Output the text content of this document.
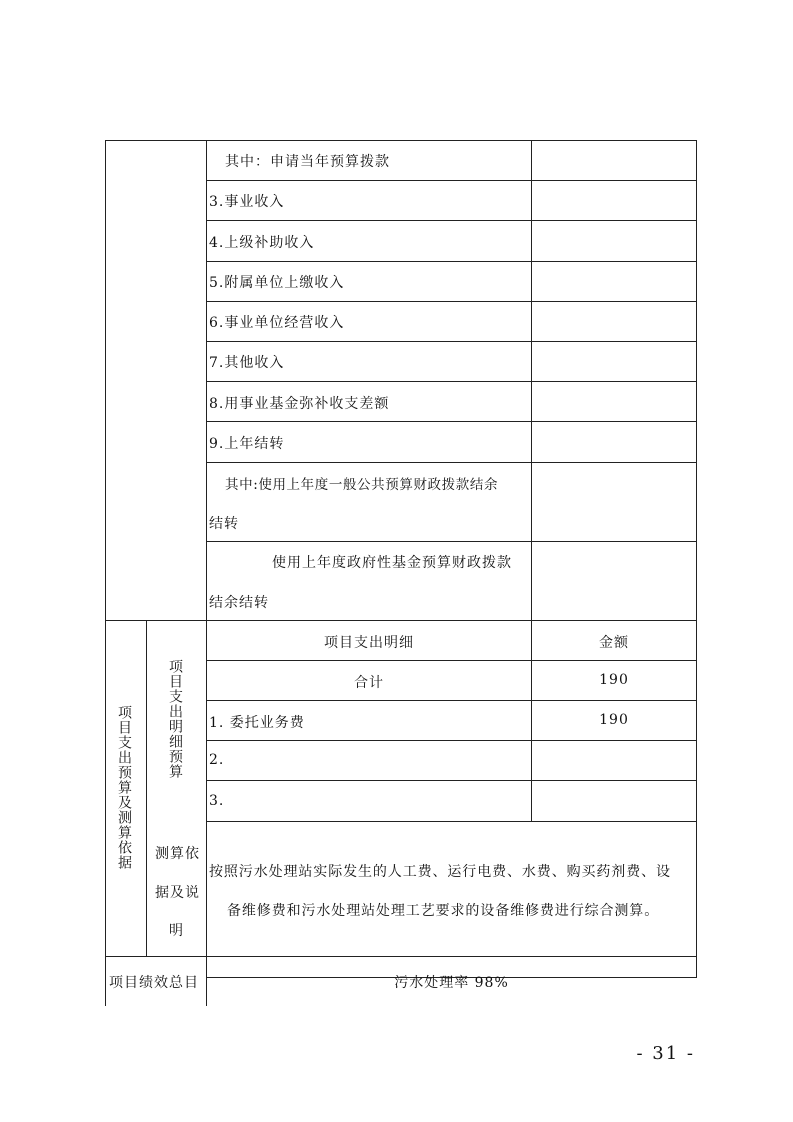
其中：申请当年预算拨款
3.事业收入
4.上级补助收入
5.附属单位上缴收入
6.事业单位经营收入
7.其他收入
8.用事业基金弥补收支差额
9.上年结转
其中:使用上年度一般公共预算财政拨款结余
结转
使用上年度政府性基金预算财政拨款
结余结转
项目支出预算及测算依据	项目支出明细预算
测算依
据及说
明
项目支出明细	金额
合计	190
1. 委托业务费	190
2.
3.
按照污水处理站实际发生的人工费、运行电费、水费、购买药剂费、设
备维修费和污水处理站处理工艺要求的设备维修费进行综合测算。
项目绩效总目	污水处理率 98%
- 31 -
